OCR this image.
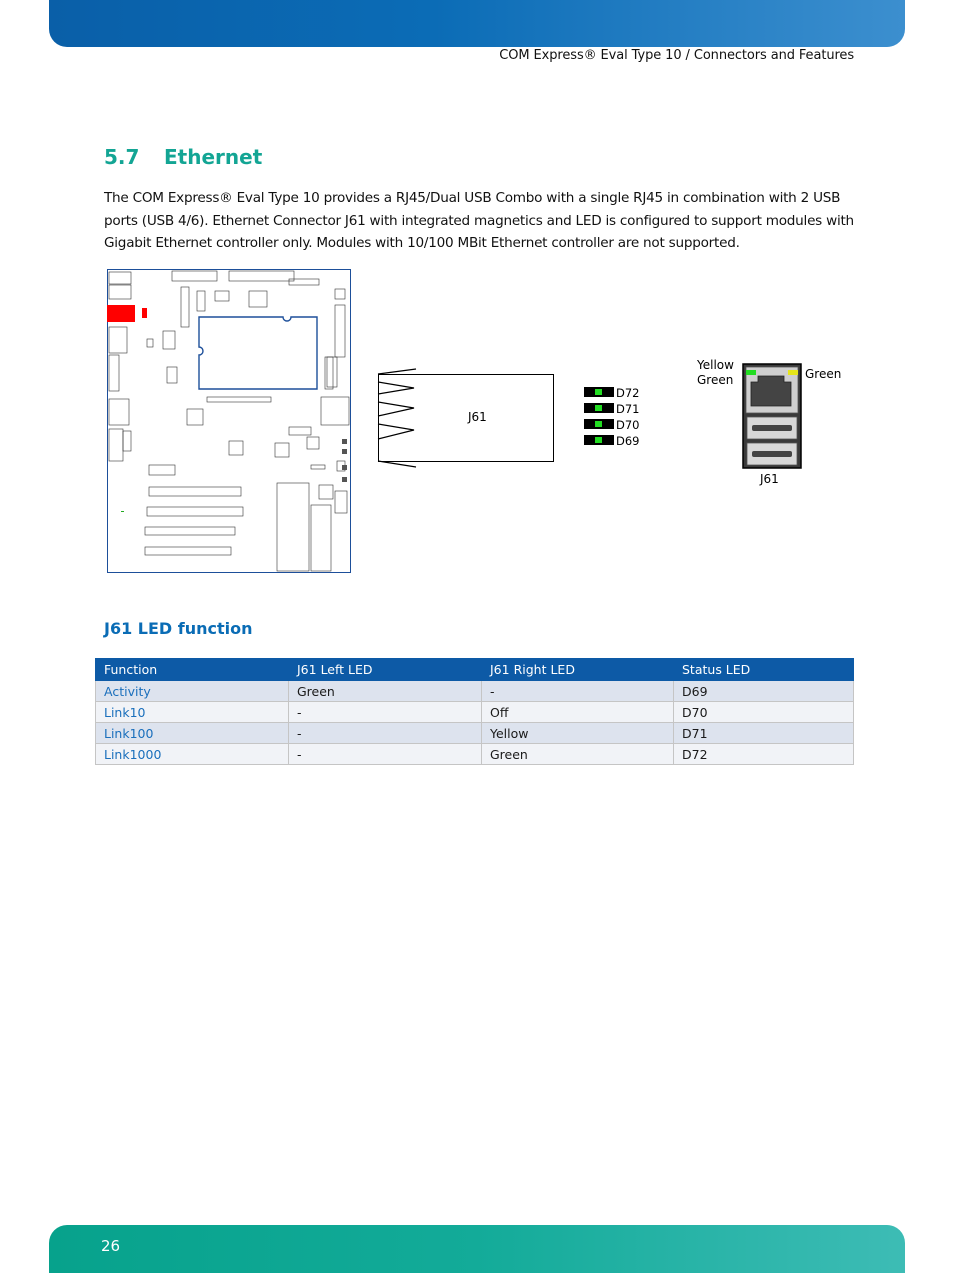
COM Express® Eval Type 10 / Connectors and Features
5.7 Ethernet

The COM Express® Eval Type 10 provides a RJ45/Dual USB Combo with a single RJ45 in combination with 2 USB ports (USB 4/6). Ethernet Connector J61 with integrated magnetics and LED is configured to support modules with Gigabit Ethernet controller only. Modules with 10/100 MBit Ethernet controller are not supported.

J61
D72
D71
D70
D69
Yellow
Green	Green
J61
J61 LED function
Function	J61 Left LED	J61 Right LED	Status LED
Activity	Green	-	D69
Link10	-	Off	D70
Link100	-	Yellow	D71
Link1000	-	Green	D72
26
